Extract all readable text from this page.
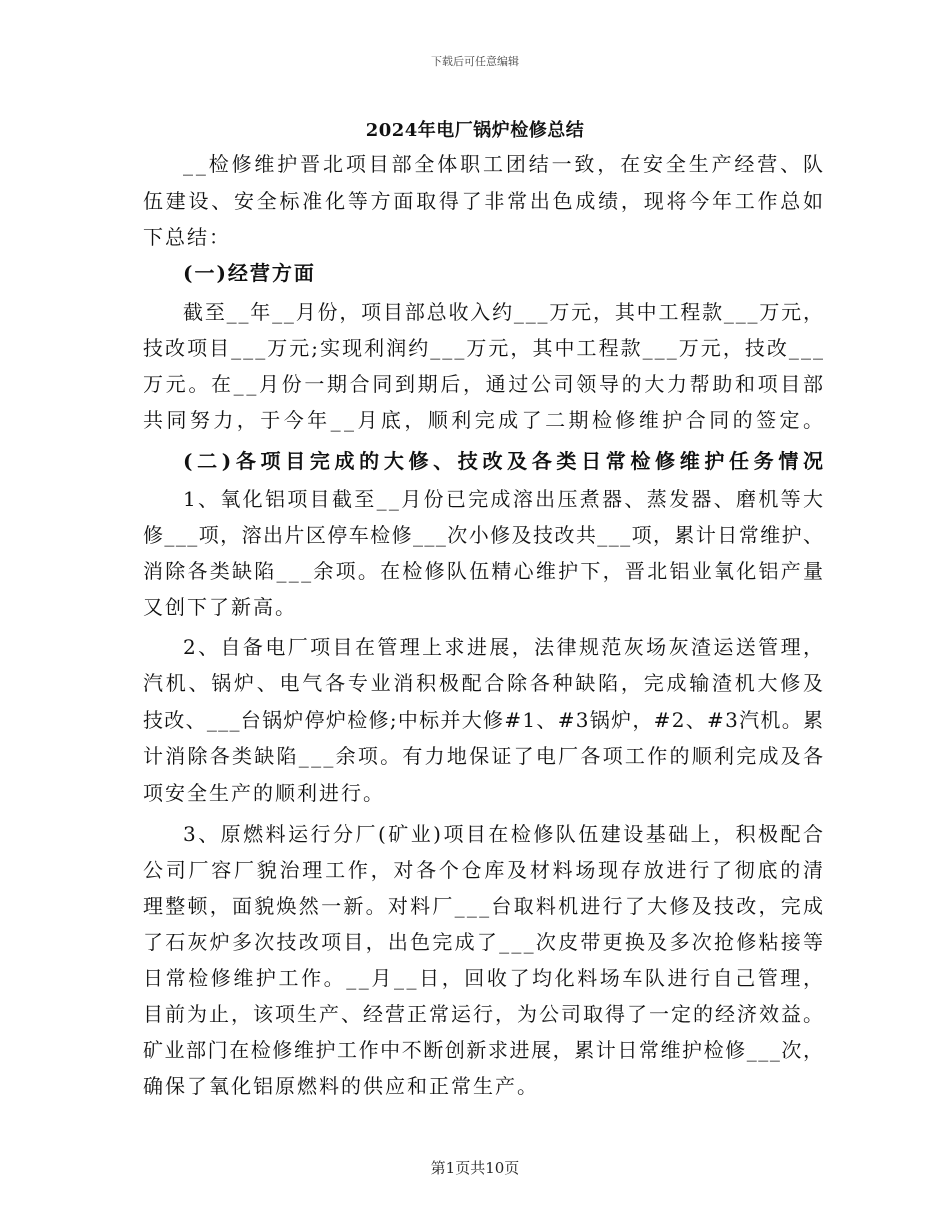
下载后可任意编辑
2024年电厂锅炉检修总结
__检修维护晋北项目部全体职工团结一致，在安全生产经营、队
伍建设、安全标准化等方面取得了非常出色成绩，现将今年工作总如
下总结：
(一)经营方面
截至__年__月份，项目部总收入约___万元，其中工程款___万元，
技改项目___万元;实现利润约___万元，其中工程款___万元，技改___
万元。在__月份一期合同到期后，通过公司领导的大力帮助和项目部
共同努力，于今年__月底，顺利完成了二期检修维护合同的签定。
(二)各项目完成的大修、技改及各类日常检修维护任务情况
1、氧化铝项目截至__月份已完成溶出压煮器、蒸发器、磨机等大
修___项，溶出片区停车检修___次小修及技改共___项，累计日常维护、
消除各类缺陷___余项。在检修队伍精心维护下，晋北铝业氧化铝产量
又创下了新高。
2、自备电厂项目在管理上求进展，法律规范灰场灰渣运送管理，
汽机、锅炉、电气各专业消积极配合除各种缺陷，完成输渣机大修及
技改、___台锅炉停炉检修;中标并大修#1、#3锅炉，#2、#3汽机。累
计消除各类缺陷___余项。有力地保证了电厂各项工作的顺利完成及各
项安全生产的顺利进行。
3、原燃料运行分厂(矿业)项目在检修队伍建设基础上，积极配合
公司厂容厂貌治理工作，对各个仓库及材料场现存放进行了彻底的清
理整顿，面貌焕然一新。对料厂___台取料机进行了大修及技改，完成
了石灰炉多次技改项目，出色完成了___次皮带更换及多次抢修粘接等
日常检修维护工作。__月__日，回收了均化料场车队进行自己管理，
目前为止，该项生产、经营正常运行，为公司取得了一定的经济效益。
矿业部门在检修维护工作中不断创新求进展，累计日常维护检修___次，
确保了氧化铝原燃料的供应和正常生产。
第1页共10页
